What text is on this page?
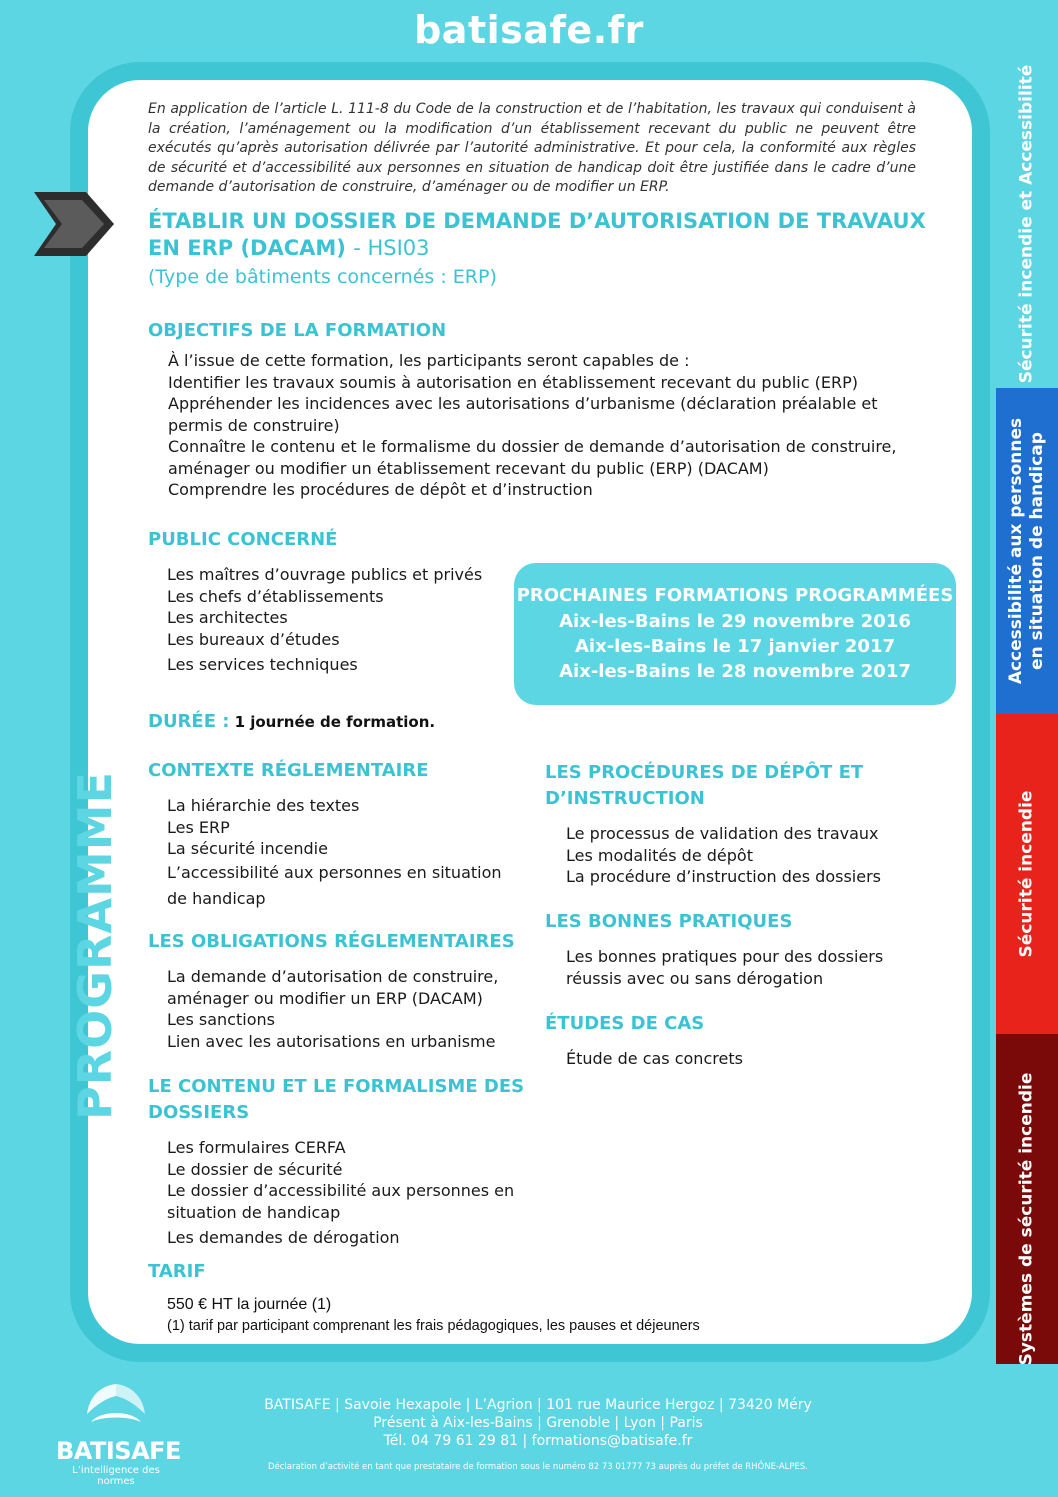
batisafe.fr
En application de l’article L. 111-8 du Code de la construction et de l’habitation, les travaux qui conduisent à la création, l’aménagement ou la modification d’un établissement recevant du public ne peuvent être exécutés qu’après autorisation délivrée par l’autorité administrative. Et pour cela, la conformité aux règles de sécurité et d’accessibilité aux personnes en situation de handicap doit être justifiée dans le cadre d’une demande d’autorisation de construire, d’aménager ou de modifier un ERP.
ÉTABLIR UN DOSSIER DE DEMANDE D’AUTORISATION DE TRAVAUX EN ERP (DACAM) - HSI03
(Type de bâtiments concernés : ERP)
OBJECTIFS DE LA FORMATION
À l’issue de cette formation, les participants seront capables de :
Identifier les travaux soumis à autorisation en établissement recevant du public (ERP)
Appréhender les incidences avec les autorisations d’urbanisme (déclaration préalable et permis de construire)
Connaître le contenu et le formalisme du dossier de demande d’autorisation de construire, aménager ou modifier un établissement recevant du public (ERP) (DACAM)
Comprendre les procédures de dépôt et d’instruction
PUBLIC CONCERNÉ
Les maîtres d’ouvrage publics et privés
Les chefs d’établissements
Les architectes
Les bureaux d’études
Les services techniques
PROCHAINES FORMATIONS PROGRAMMÉES
Aix-les-Bains le 29 novembre 2016
Aix-les-Bains le 17 janvier 2017
Aix-les-Bains le 28 novembre 2017
DURÉE : 1 journée de formation.
PROGRAMME
CONTEXTE RÉGLEMENTAIRE
La hiérarchie des textes
Les ERP
La sécurité incendie
L’accessibilité aux personnes en situation de handicap
LES OBLIGATIONS RÉGLEMENTAIRES
La demande d’autorisation de construire, aménager ou modifier un ERP (DACAM)
Les sanctions
Lien avec les autorisations en urbanisme
LE CONTENU ET LE FORMALISME DES DOSSIERS
Les formulaires CERFA
Le dossier de sécurité
Le dossier d’accessibilité aux personnes en situation de handicap
Les demandes de dérogation
LES PROCÉDURES DE DÉPÔT ET D’INSTRUCTION
Le processus de validation des travaux
Les modalités de dépôt
La procédure d’instruction des dossiers
LES BONNES PRATIQUES
Les bonnes pratiques pour des dossiers réussis avec ou sans dérogation
ÉTUDES DE CAS
Étude de cas concrets
TARIF
550 € HT la journée (1)
(1) tarif par participant comprenant les frais pédagogiques, les pauses et déjeuners
Sécurité incendie et Accessibilité
Accessibilité aux personnes en situation de handicap
Sécurité incendie
Systèmes de sécurité incendie
BATISAFE
L’intelligence des normes
BATISAFE | Savoie Hexapole | L’Agrion | 101 rue Maurice Hergoz | 73420 Méry
Présent à Aix-les-Bains | Grenoble | Lyon | Paris
Tél. 04 79 61 29 81 | formations@batisafe.fr
Déclaration d’activité en tant que prestataire de formation sous le numéro 82 73 01777 73 auprès du préfet de RHÔNE-ALPES.
